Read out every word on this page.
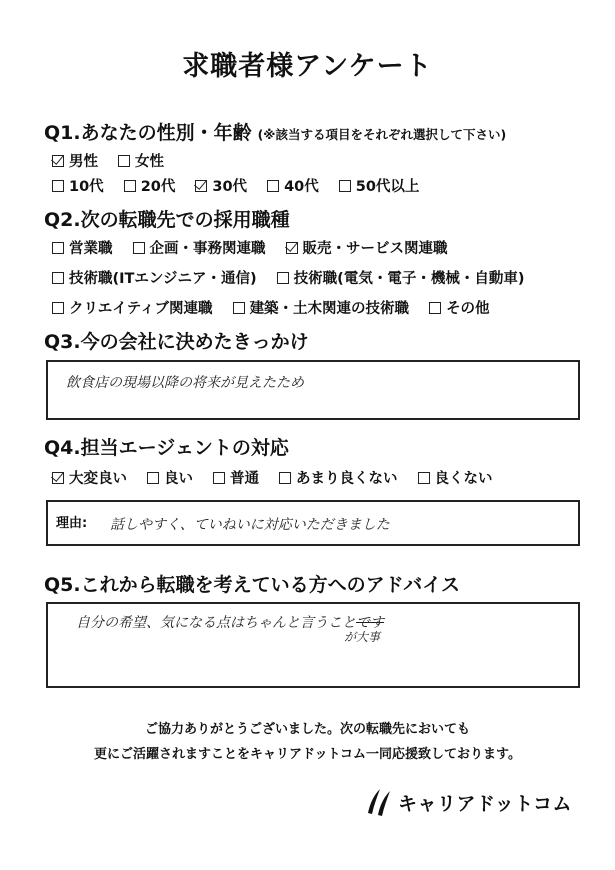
求職者様アンケート
Q1.あなたの性別・年齢 (※該当する項目をそれぞれ選択して下さい)
男性	女性
10代	20代	30代	40代	50代以上
Q2.次の転職先での採用職種
営業職	企画・事務関連職	販売・サービス関連職
技術職(ITエンジニア・通信)	技術職(電気・電子・機械・自動車)
クリエイティブ関連職	建築・土木関連の技術職	その他
Q3.今の会社に決めたきっかけ
飲食店の現場以降の将来が見えたため
Q4.担当エージェントの対応
大変良い	良い	普通	あまり良くない	良くない
理由: 話しやすく、ていねいに対応いただきました
Q5.これから転職を考えている方へのアドバイス
自分の希望、気になる点はちゃんと言うことです
が大事
ご協力ありがとうございました。次の転職先においても
更にご活躍されますことをキャリアドットコム一同応援致しております。
キャリアドットコム
